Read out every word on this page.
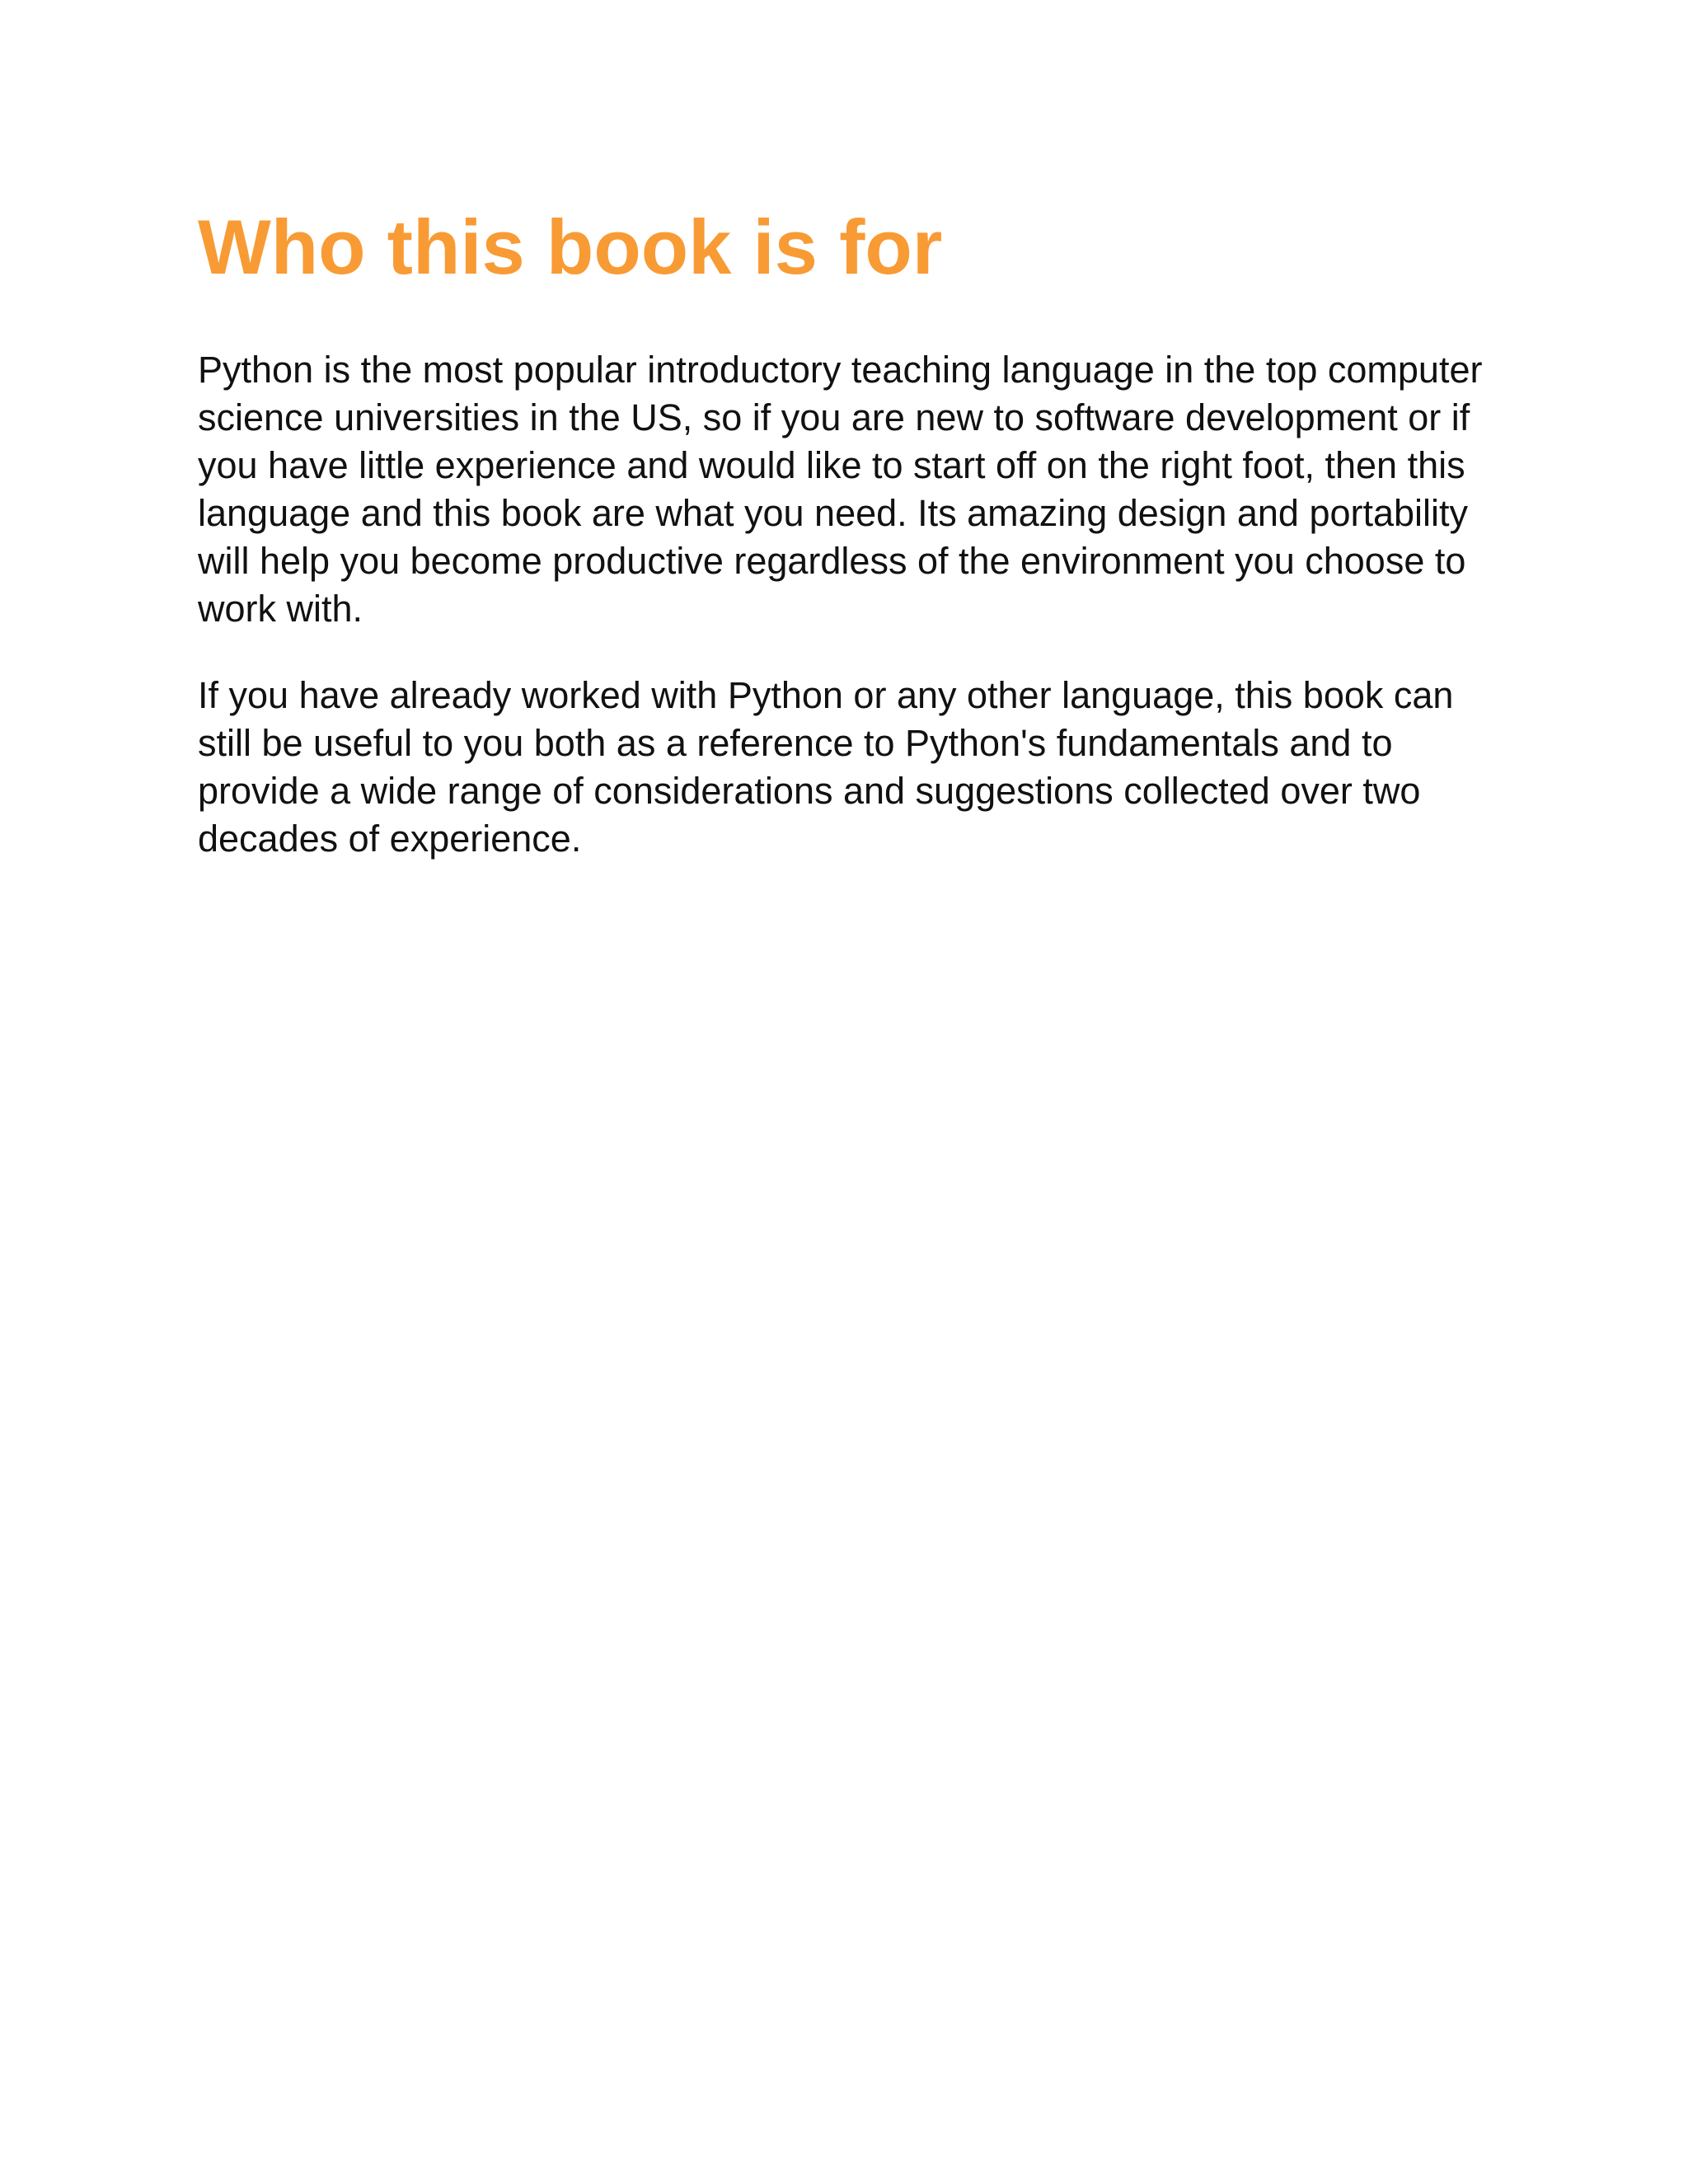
Who this book is for

Python is the most popular introductory teaching language in the top computer science universities in the US, so if you are new to software development or if you have little experience and would like to start off on the right foot, then this language and this book are what you need. Its amazing design and portability will help you become productive regardless of the environment you choose to work with.

If you have already worked with Python or any other language, this book can still be useful to you both as a reference to Python's fundamentals and to provide a wide range of considerations and suggestions collected over two decades of experience.
